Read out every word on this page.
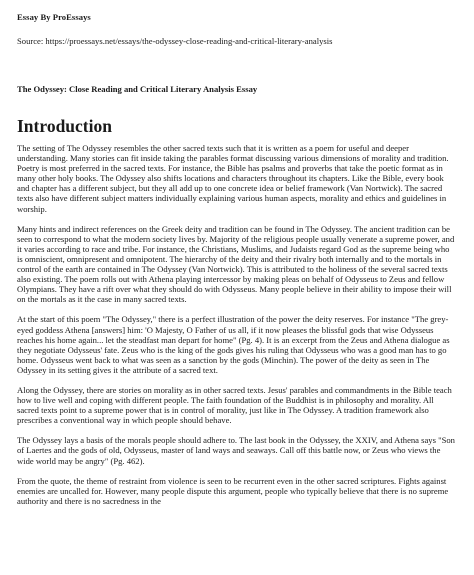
Essay By ProEssays
Source: https://proessays.net/essays/the-odyssey-close-reading-and-critical-literary-analysis
The Odyssey: Close Reading and Critical Literary Analysis Essay
Introduction

The setting of The Odyssey resembles the other sacred texts such that it is written as a poem for useful and deeper understanding. Many stories can fit inside taking the parables format discussing various dimensions of morality and tradition. Poetry is most preferred in the sacred texts. For instance, the Bible has psalms and proverbs that take the poetic format as in many other holy books. The Odyssey also shifts locations and characters throughout its chapters. Like the Bible, every book and chapter has a different subject, but they all add up to one concrete idea or belief framework (Van Nortwick). The sacred texts also have different subject matters individually explaining various human aspects, morality and ethics and guidelines in worship.

Many hints and indirect references on the Greek deity and tradition can be found in The Odyssey. The ancient tradition can be seen to correspond to what the modern society lives by. Majority of the religious people usually venerate a supreme power, and it varies according to race and tribe. For instance, the Christians, Muslims, and Judaists regard God as the supreme being who is omniscient, omnipresent and omnipotent. The hierarchy of the deity and their rivalry both internally and to the mortals in control of the earth are contained in The Odyssey (Van Nortwick). This is attributed to the holiness of the several sacred texts also existing. The poem rolls out with Athena playing intercessor by making pleas on behalf of Odysseus to Zeus and fellow Olympians. They have a rift over what they should do with Odysseus. Many people believe in their ability to impose their will on the mortals as it the case in many sacred texts.

At the start of this poem "The Odyssey," there is a perfect illustration of the power the deity reserves. For instance "The grey-eyed goddess Athena [answers] him: 'O Majesty, O Father of us all, if it now pleases the blissful gods that wise Odysseus reaches his home again... let the steadfast man depart for home" (Pg. 4). It is an excerpt from the Zeus and Athena dialogue as they negotiate Odysseus' fate. Zeus who is the king of the gods gives his ruling that Odysseus who was a good man has to go home. Odysseus went back to what was seen as a sanction by the gods (Minchin). The power of the deity as seen in The Odyssey in its setting gives it the attribute of a sacred text.

Along the Odyssey, there are stories on morality as in other sacred texts. Jesus' parables and commandments in the Bible teach how to live well and coping with different people. The faith foundation of the Buddhist is in philosophy and morality. All sacred texts point to a supreme power that is in control of morality, just like in The Odyssey. A tradition framework also prescribes a conventional way in which people should behave.

The Odyssey lays a basis of the morals people should adhere to. The last book in the Odyssey, the XXIV, and Athena says "Son of Laertes and the gods of old, Odysseus, master of land ways and seaways. Call off this battle now, or Zeus who views the wide world may be angry" (Pg. 462).

From the quote, the theme of restraint from violence is seen to be recurrent even in the other sacred scriptures. Fights against enemies are uncalled for. However, many people dispute this argument, people who typically believe that there is no supreme authority and there is no sacredness in the
